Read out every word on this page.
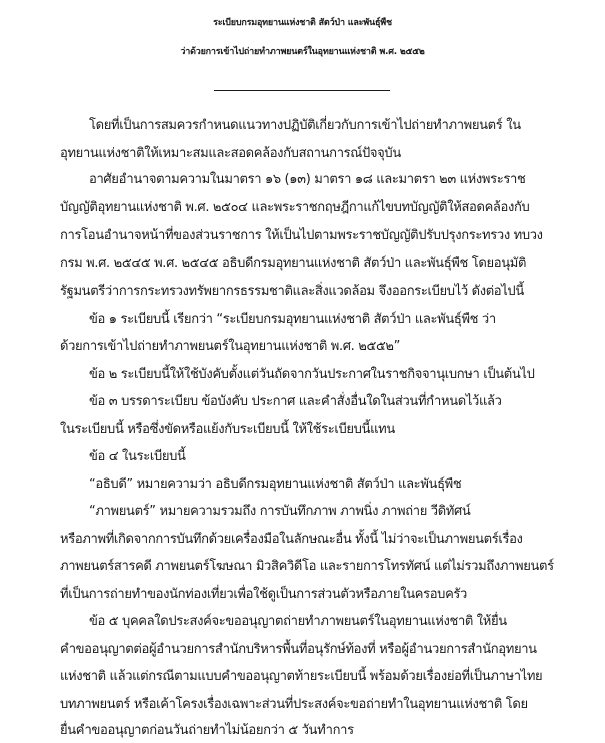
ระเบียบกรมอุทยานแห่งชาติ สัตว์ป่า และพันธุ์พืช
ว่าด้วยการเข้าไปถ่ายทำภาพยนตร์ในอุทยานแห่งชาติ พ.ศ. ๒๕๕๒
โดยที่เป็นการสมควรกำหนดแนวทางปฏิบัติเกี่ยวกับการเข้าไปถ่ายทำภาพยนตร์ ใน
อุทยานแห่งชาติให้เหมาะสมและสอดคล้องกับสถานการณ์ปัจจุบัน
อาศัยอำนาจตามความในมาตรา ๑๖ (๑๓) มาตรา ๑๘ และมาตรา ๒๓ แห่งพระราช
บัญญัติอุทยานแห่งชาติ พ.ศ. ๒๕๐๔ และพระราชกฤษฎีกาแก้ไขบทบัญญัติให้สอดคล้องกับ
การโอนอำนาจหน้าที่ของส่วนราชการ ให้เป็นไปตามพระราชบัญญัติปรับปรุงกระทรวง ทบวง
กรม พ.ศ. ๒๕๔๕ พ.ศ. ๒๕๔๕ อธิบดีกรมอุทยานแห่งชาติ สัตว์ป่า และพันธุ์พืช โดยอนุมัติ
รัฐมนตรีว่าการกระทรวงทรัพยากรธรรมชาติและสิ่งแวดล้อม จึงออกระเบียบไว้ ดังต่อไปนี้
ข้อ ๑ ระเบียบนี้ เรียกว่า “ระเบียบกรมอุทยานแห่งชาติ สัตว์ป่า และพันธุ์พืช ว่า
ด้วยการเข้าไปถ่ายทำภาพยนตร์ในอุทยานแห่งชาติ พ.ศ. ๒๕๕๒”
ข้อ ๒ ระเบียบนี้ให้ใช้บังคับตั้งแต่วันถัดจากวันประกาศในราชกิจจานุเบกษา เป็นต้นไป
ข้อ ๓ บรรดาระเบียบ ข้อบังคับ ประกาศ และคำสั่งอื่นใดในส่วนที่กำหนดไว้แล้ว
ในระเบียบนี้ หรือซึ่งขัดหรือแย้งกับระเบียบนี้ ให้ใช้ระเบียบนี้แทน
ข้อ ๔ ในระเบียบนี้
“อธิบดี” หมายความว่า อธิบดีกรมอุทยานแห่งชาติ สัตว์ป่า และพันธุ์พืช
“ภาพยนตร์” หมายความรวมถึง การบันทึกภาพ ภาพนิ่ง ภาพถ่าย วีดิทัศน์
หรือภาพที่เกิดจากการบันทึกด้วยเครื่องมือในลักษณะอื่น ทั้งนี้ ไม่ว่าจะเป็นภาพยนตร์เรื่อง
ภาพยนตร์สารคดี ภาพยนตร์โฆษณา มิวสิควิดีโอ และรายการโทรทัศน์ แต่ไม่รวมถึงภาพยนตร์
ที่เป็นการถ่ายทำของนักท่องเที่ยวเพื่อใช้ดูเป็นการส่วนตัวหรือภายในครอบครัว
ข้อ ๕ บุคคลใดประสงค์จะขออนุญาตถ่ายทำภาพยนตร์ในอุทยานแห่งชาติ ให้ยื่น
คำขออนุญาตต่อผู้อำนวยการสำนักบริหารพื้นที่อนุรักษ์ท้องที่ หรือผู้อำนวยการสำนักอุทยาน
แห่งชาติ แล้วแต่กรณีตามแบบคำขออนุญาตท้ายระเบียบนี้ พร้อมด้วยเรื่องย่อที่เป็นภาษาไทย
บทภาพยนตร์ หรือเค้าโครงเรื่องเฉพาะส่วนที่ประสงค์จะขอถ่ายทำในอุทยานแห่งชาติ โดย
ยื่นคำขออนุญาตก่อนวันถ่ายทำไม่น้อยกว่า ๕ วันทำการ
